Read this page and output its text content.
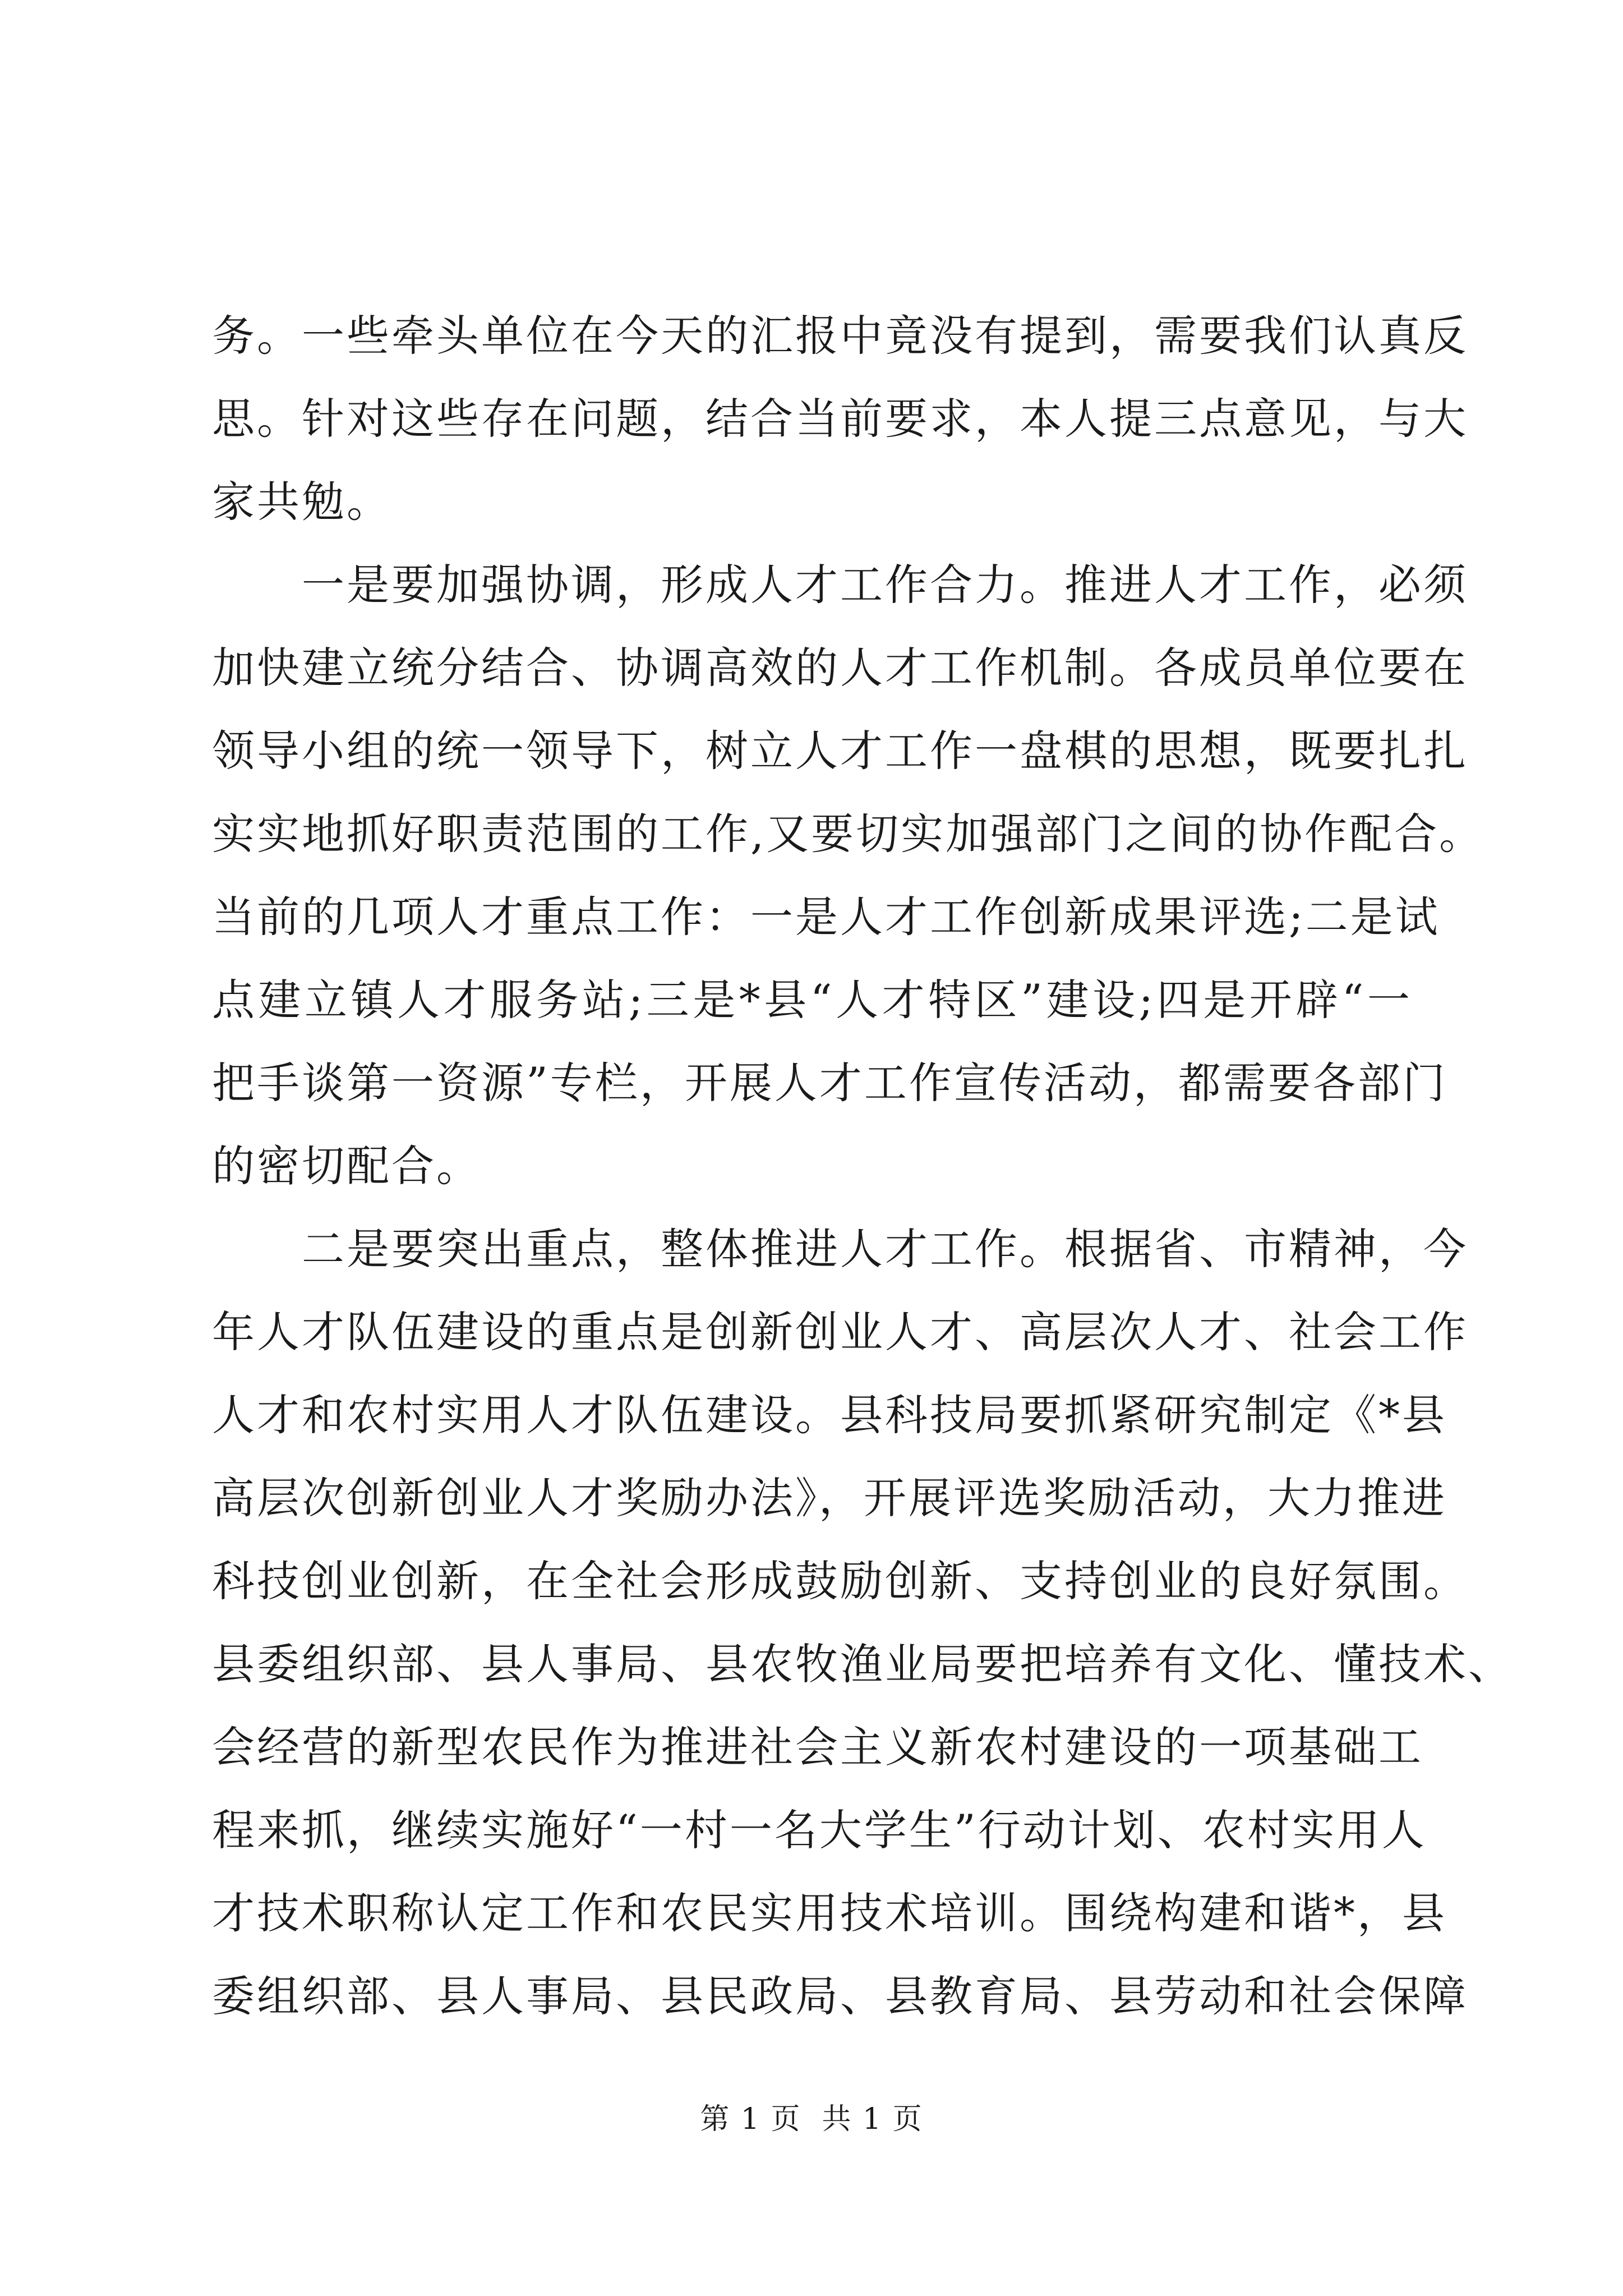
务。一些牵头单位在今天的汇报中竟没有提到，需要我们认真反
思。针对这些存在问题，结合当前要求，本人提三点意见，与大
家共勉。
一是要加强协调，形成人才工作合力。推进人才工作，必须
加快建立统分结合、协调高效的人才工作机制。各成员单位要在
领导小组的统一领导下，树立人才工作一盘棋的思想，既要扎扎
实实地抓好职责范围的工作,又要切实加强部门之间的协作配合。
当前的几项人才重点工作：一是人才工作创新成果评选;二是试
点建立镇人才服务站;三是*县“人才特区”建设;四是开辟“一
把手谈第一资源”专栏，开展人才工作宣传活动，都需要各部门
的密切配合。
二是要突出重点，整体推进人才工作。根据省、市精神，今
年人才队伍建设的重点是创新创业人才、高层次人才、社会工作
人才和农村实用人才队伍建设。县科技局要抓紧研究制定《*县
高层次创新创业人才奖励办法》，开展评选奖励活动，大力推进
科技创业创新，在全社会形成鼓励创新、支持创业的良好氛围。
县委组织部、县人事局、县农牧渔业局要把培养有文化、懂技术、
会经营的新型农民作为推进社会主义新农村建设的一项基础工
程来抓，继续实施好“一村一名大学生”行动计划、农村实用人
才技术职称认定工作和农民实用技术培训。围绕构建和谐*，县
委组织部、县人事局、县民政局、县教育局、县劳动和社会保障
第 1 页  共 1 页
